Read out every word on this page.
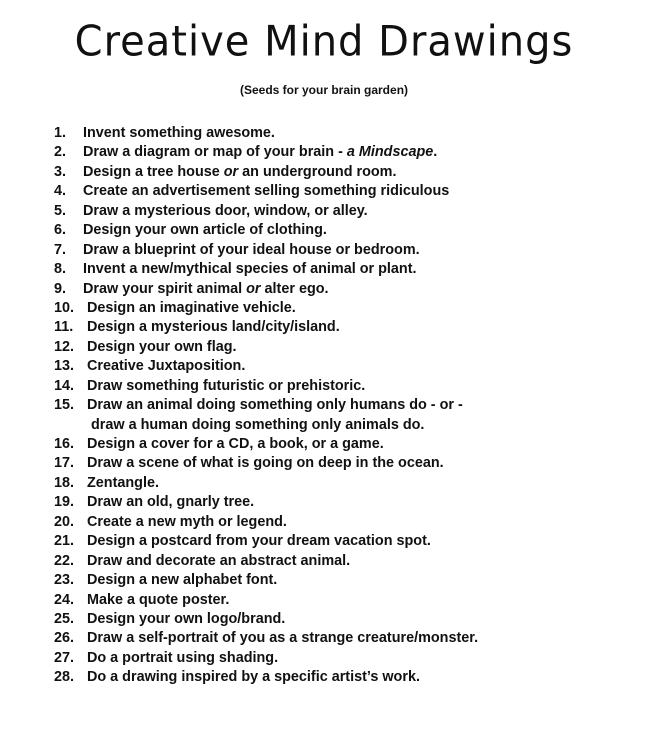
Creative Mind Drawings

(Seeds for your brain garden)

1.	Invent something awesome.
2.	Draw a diagram or map of your brain - a Mindscape.
3.	Design a tree house or an underground room.
4.	Create an advertisement selling something ridiculous
5.	Draw a mysterious door, window, or alley.
6.	Design your own article of clothing.
7.	Draw a blueprint of your ideal house or bedroom.
8.	Invent a new/mythical species of animal or plant.
9.	Draw your spirit animal or alter ego.
10. Design an imaginative vehicle.
11. Design a mysterious land/city/island.
12. Design your own flag.
13. Creative Juxtaposition.
14. Draw something futuristic or prehistoric.
15. Draw an animal doing something only humans do - or -
draw a human doing something only animals do.
16. Design a cover for a CD, a book, or a game.
17. Draw a scene of what is going on deep in the ocean.
18. Zentangle.
19. Draw an old, gnarly tree.
20. Create a new myth or legend.
21. Design a postcard from your dream vacation spot.
22. Draw and decorate an abstract animal.
23. Design a new alphabet font.
24. Make a quote poster.
25. Design your own logo/brand.
26. Draw a self-portrait of you as a strange creature/monster.
27. Do a portrait using shading.
28. Do a drawing inspired by a specific artist’s work.
